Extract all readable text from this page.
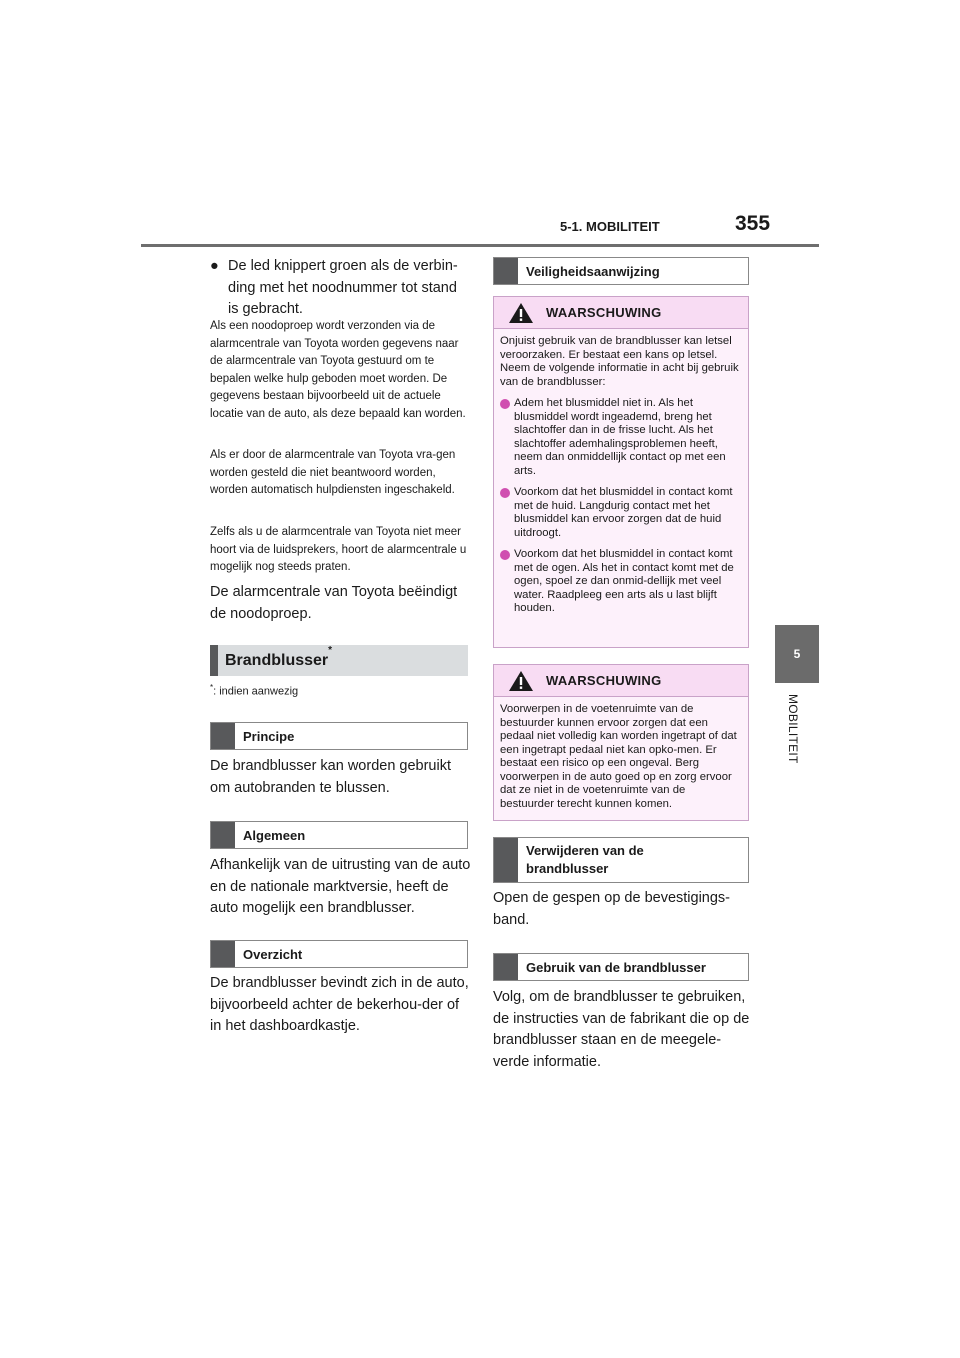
5-1. MOBILITEIT	355
5
MOBILITEIT
● De led knippert groen als de verbin-ding met het noodnummer tot stand is gebracht.

Als een noodoproep wordt verzonden via de alarmcentrale van Toyota worden gegevens naar de alarmcentrale van Toyota gestuurd om te bepalen welke hulp geboden moet worden. De gegevens bestaan bijvoorbeeld uit de actuele locatie van de auto, als deze bepaald kan worden.

Als er door de alarmcentrale van Toyota vra-gen worden gesteld die niet beantwoord worden, worden automatisch hulpdiensten ingeschakeld.

Zelfs als u de alarmcentrale van Toyota niet meer hoort via de luidsprekers, hoort de alarmcentrale u mogelijk nog steeds praten.

De alarmcentrale van Toyota beëindigt de noodoproep.

Brandblusser*
*: indien aanwezig
Principe

De brandblusser kan worden gebruikt om autobranden te blussen.

Algemeen

Afhankelijk van de uitrusting van de auto en de nationale marktversie, heeft de auto mogelijk een brandblusser.

Overzicht

De brandblusser bevindt zich in de auto, bijvoorbeeld achter de bekerhou-der of in het dashboardkastje.

Veiligheidsaanwijzing
WAARSCHUWING

Onjuist gebruik van de brandblusser kan letsel veroorzaken. Er bestaat een kans op letsel. Neem de volgende informatie in acht bij gebruik van de brandblusser:

Adem het blusmiddel niet in. Als het blusmiddel wordt ingeademd, breng het slachtoffer dan in de frisse lucht. Als het slachtoffer ademhalingsproblemen heeft, neem dan onmiddellijk contact op met een arts.
Voorkom dat het blusmiddel in contact komt met de huid. Langdurig contact met het blusmiddel kan ervoor zorgen dat de huid uitdroogt.
Voorkom dat het blusmiddel in contact komt met de ogen. Als het in contact komt met de ogen, spoel ze dan onmid-dellijk met veel water. Raadpleeg een arts als u last blijft houden.
WAARSCHUWING

Voorwerpen in de voetenruimte van de bestuurder kunnen ervoor zorgen dat een pedaal niet volledig kan worden ingetrapt of dat een ingetrapt pedaal niet kan opko-men. Er bestaat een risico op een ongeval. Berg voorwerpen in de auto goed op en zorg ervoor dat ze niet in de voetenruimte van de bestuurder terecht kunnen komen.

Verwijderen van de brandblusser

Open de gespen op de bevestigings-band.

Gebruik van de brandblusser

Volg, om de brandblusser te gebruiken, de instructies van de fabrikant die op de brandblusser staan en de meegele-verde informatie.
